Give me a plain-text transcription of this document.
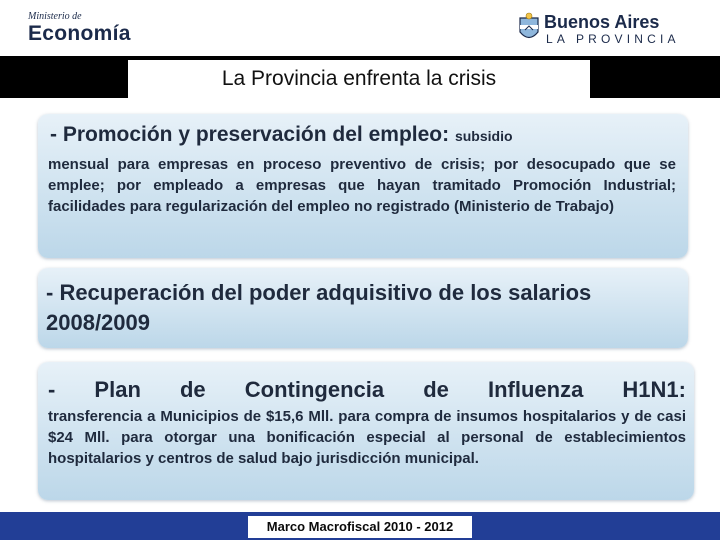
Ministerio de
Economía	Buenos Aires
LA PROVINCIA
La Provincia enfrenta la crisis
- Promoción y preservación del empleo: subsidio
mensual para empresas en proceso preventivo de crisis; por desocupado que se emplee; por empleado a empresas que hayan tramitado Promoción Industrial; facilidades para regularización del empleo no registrado (Ministerio de Trabajo)
- Recuperación del poder adquisitivo de los salarios 2008/2009
- Plan de Contingencia de Influenza H1N1:
transferencia a Municipios de $15,6 Mll. para compra de insumos hospitalarios y de casi $24 Mll. para otorgar una bonificación especial al personal de establecimientos hospitalarios y centros de salud bajo jurisdicción municipal.
Marco Macrofiscal 2010 - 2012
